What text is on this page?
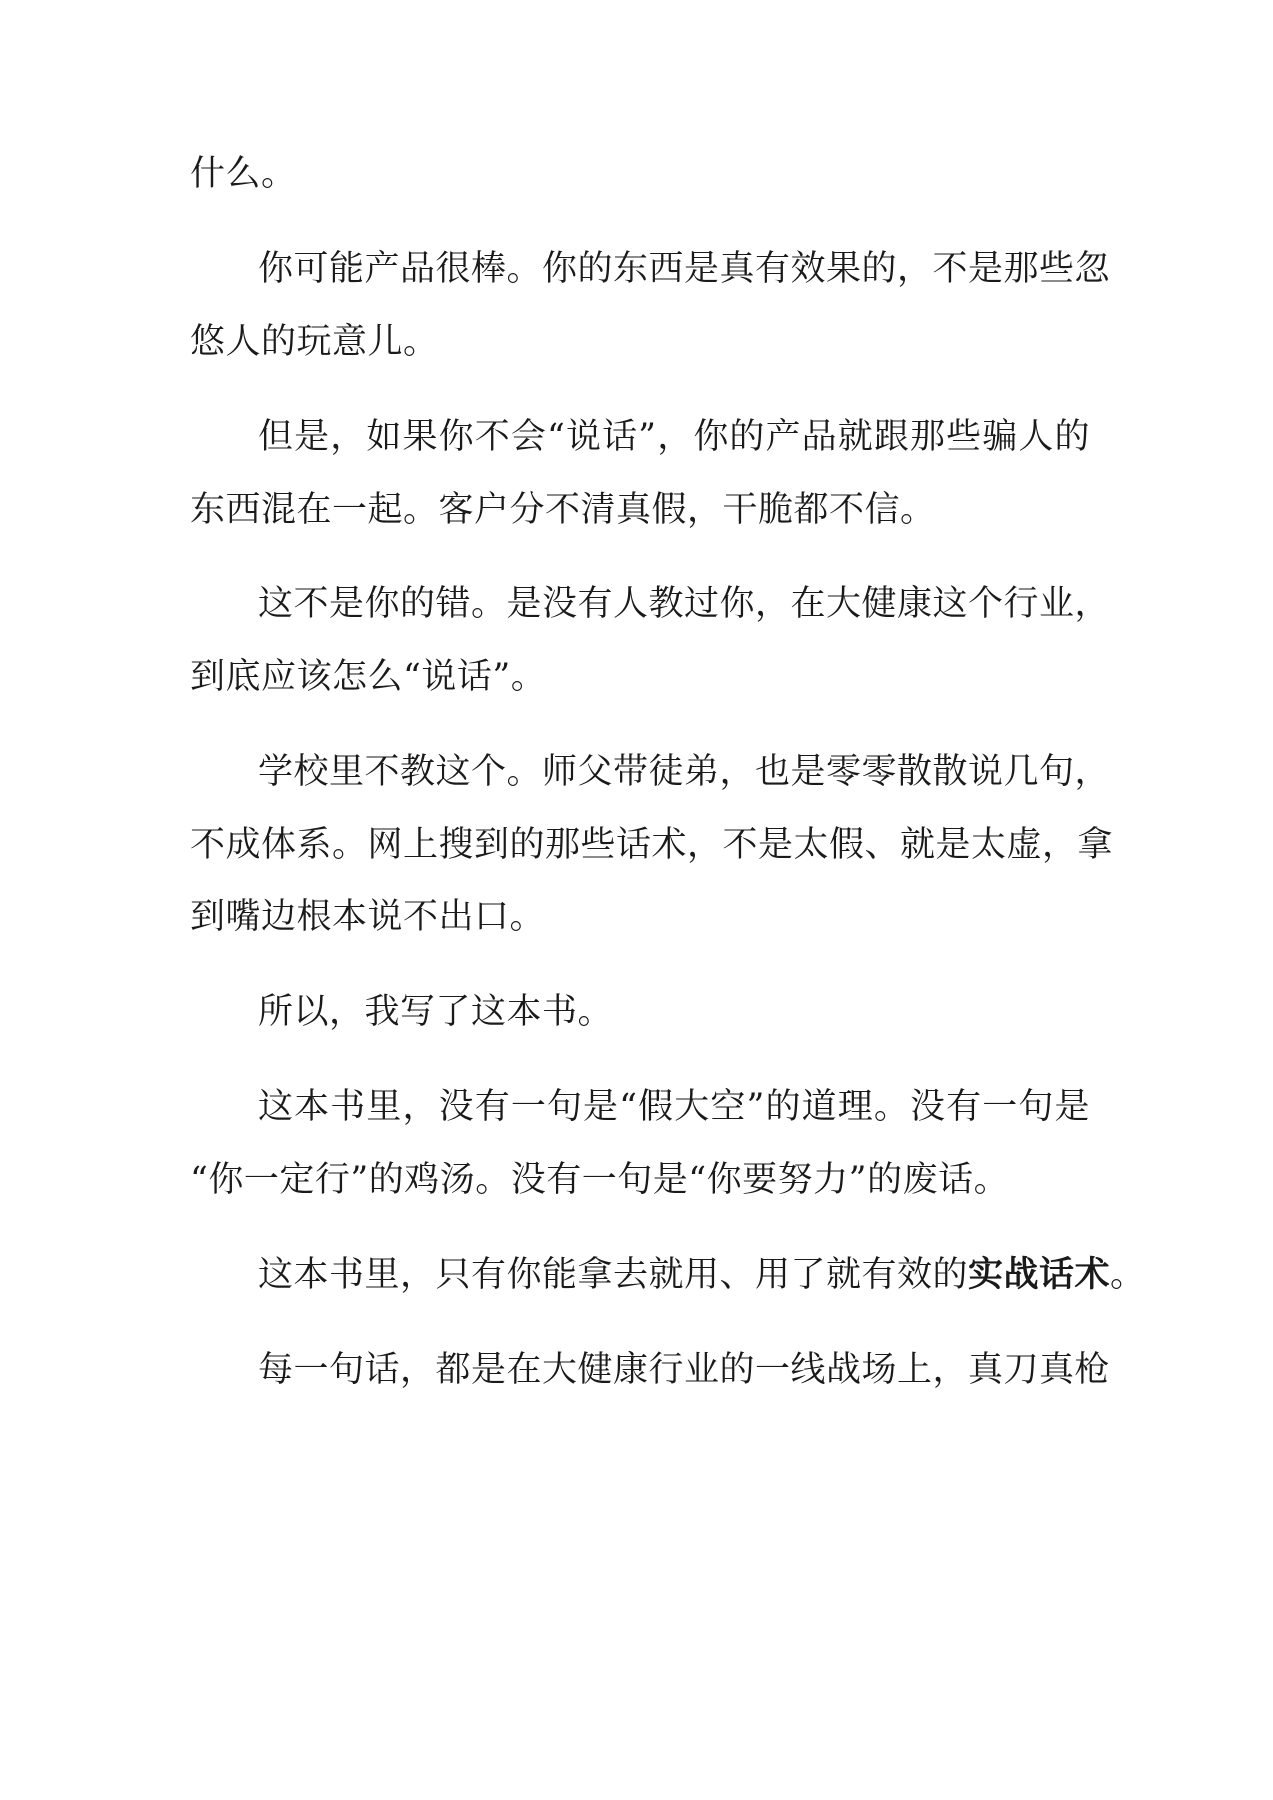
什么。
你可能产品很棒。你的东西是真有效果的，不是那些忽
悠人的玩意儿。
但是，如果你不会“说话”，你的产品就跟那些骗人的
东西混在一起。客户分不清真假，干脆都不信。
这不是你的错。是没有人教过你，在大健康这个行业，
到底应该怎么“说话”。
学校里不教这个。师父带徒弟，也是零零散散说几句，
不成体系。网上搜到的那些话术，不是太假、就是太虚，拿
到嘴边根本说不出口。
所以，我写了这本书。
这本书里，没有一句是“假大空”的道理。没有一句是
“你一定行”的鸡汤。没有一句是“你要努力”的废话。
这本书里，只有你能拿去就用、用了就有效的实战话术。
每一句话，都是在大健康行业的一线战场上，真刀真枪
